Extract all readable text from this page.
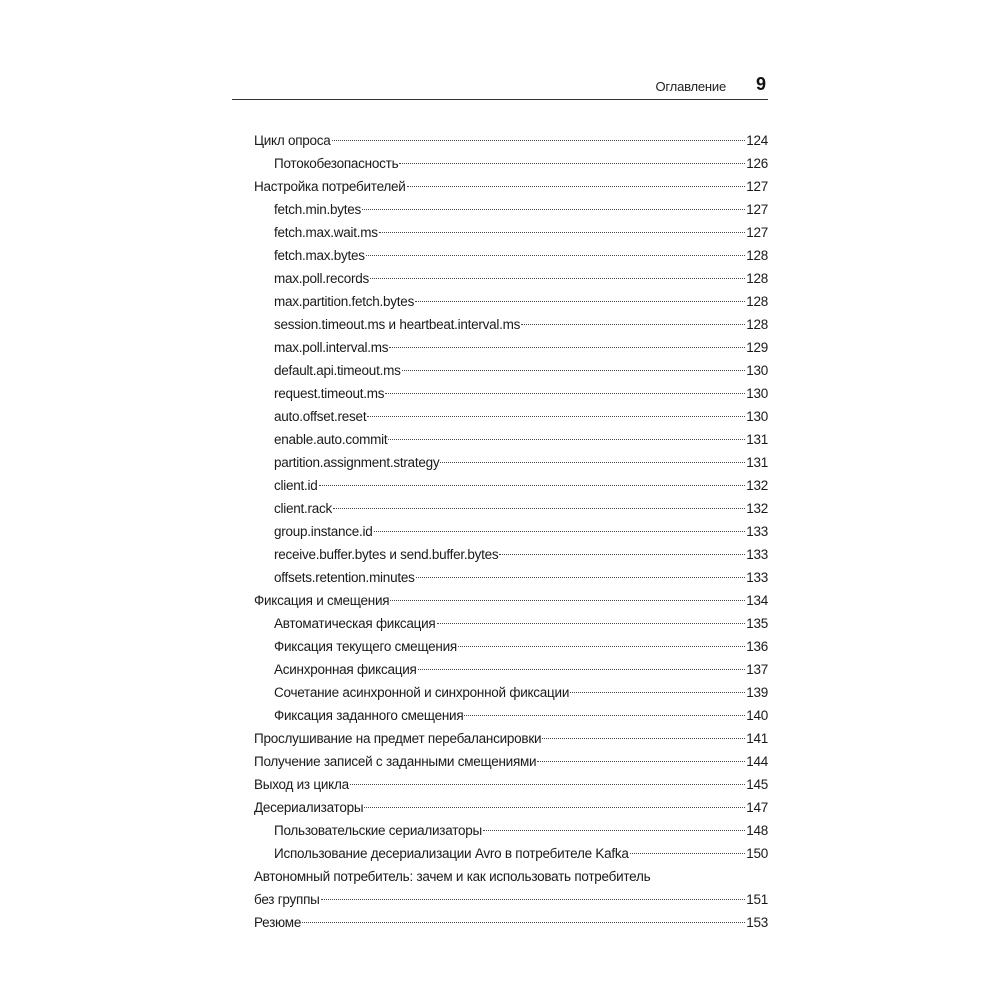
Оглавление 9
Цикл опроса	124
Потокобезопасность	126
Настройка потребителей	127
fetch.min.bytes	127
fetch.max.wait.ms	127
fetch.max.bytes	128
max.poll.records	128
max.partition.fetch.bytes	128
session.timeout.ms и heartbeat.interval.ms	128
max.poll.interval.ms	129
default.api.timeout.ms	130
request.timeout.ms	130
auto.offset.reset	130
enable.auto.commit	131
partition.assignment.strategy	131
client.id	132
client.rack	132
group.instance.id	133
receive.buffer.bytes и send.buffer.bytes	133
offsets.retention.minutes	133
Фиксация и смещения	134
Автоматическая фиксация	135
Фиксация текущего смещения	136
Асинхронная фиксация	137
Сочетание асинхронной и синхронной фиксации	139
Фиксация заданного смещения	140
Прослушивание на предмет перебалансировки	141
Получение записей с заданными смещениями	144
Выход из цикла	145
Десериализаторы	147
Пользовательские сериализаторы	148
Использование десериализации Avro в потребителе Kafka	150
Автономный потребитель: зачем и как использовать потребитель
без группы	151
Резюме	153
